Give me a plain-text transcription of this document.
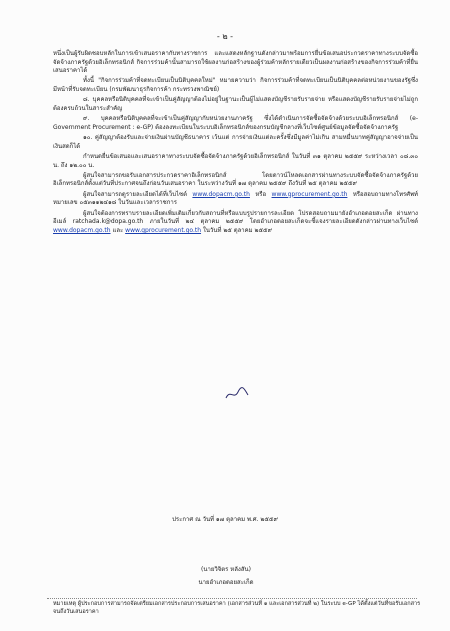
- ๒ -

หนึ่งเป็นผู้รับผิดชอบหลักในการเข้าเสนอราคากับทางราชการ และแสดงหลักฐานดังกล่าวมาพร้อมการยื่นข้อเสนอประกวดราคาทางระบบจัดซื้อจัดจ้างภาครัฐด้วยอิเล็กทรอนิกส์ กิจการร่วมค้านั้นสามารถใช้ผลงานก่อสร้างของผู้ร่วมค้าหลักรายเดียวเป็นผลงานก่อสร้างของกิจการร่วมค้าที่ยื่นเสนอราคาได้

ทั้งนี้ "กิจการร่วมค้าที่จดทะเบียนเป็นนิติบุคคลใหม่" หมายความว่า กิจการร่วมค้าที่จดทะเบียนเป็นนิติบุคคลต่อหน่วยงานของรัฐซึ่งมีหน้าที่รับจดทะเบียน (กรมพัฒนาธุรกิจการค้า กระทรวงพาณิชย์)

๘. บุคคลหรือนิติบุคคลที่จะเข้าเป็นคู่สัญญาต้องไม่อยู่ในฐานะเป็นผู้ไม่แสดงบัญชีรายรับรายจ่าย หรือแสดงบัญชีรายรับรายจ่ายไม่ถูกต้องครบถ้วนในสาระสำคัญ

๙. บุคคลหรือนิติบุคคลที่จะเข้าเป็นคู่สัญญากับหน่วยงานภาครัฐ ซึ่งได้ดำเนินการจัดซื้อจัดจ้างด้วยระบบอิเล็กทรอนิกส์ (e-Government Procurement : e-GP) ต้องลงทะเบียนในระบบอิเล็กทรอนิกส์ของกรมบัญชีกลางที่เว็บไซต์ศูนย์ข้อมูลจัดซื้อจัดจ้างภาครัฐ

๑๐. คู่สัญญาต้องรับและจ่ายเงินผ่านบัญชีธนาคาร เว้นแต่ การจ่ายเงินแต่ละครั้งซึ่งมีมูลค่าไม่เกิน สามหมื่นบาทคู่สัญญาอาจจ่ายเป็นเงินสดก็ได้

กำหนดยื่นข้อเสนอและเสนอราคาทางระบบจัดซื้อจัดจ้างภาครัฐด้วยอิเล็กทรอนิกส์ ในวันที่ ๓๑ ตุลาคม ๒๕๕๙ ระหว่างเวลา ๐๘.๓๐ น. ถึง ๑๒.๐๐ น.

ผู้สนใจสามารถขอรับเอกสารประกวดราคาอิเล็กทรอนิกส์ โดยดาวน์โหลดเอกสารผ่านทางระบบจัดซื้อจัดจ้างภาครัฐด้วยอิเล็กทรอนิกส์ตั้งแต่วันที่ประกาศจนถึงก่อนวันเสนอราคา ในระหว่างวันที่ ๑๗ ตุลาคม ๒๕๕๙ ถึงวันที่ ๒๕ ตุลาคม ๒๕๕๙

ผู้สนใจสามารถดูรายละเอียดได้ที่เว็บไซต์ www.dopacm.go.th หรือ www.gprocurement.go.th หรือสอบถามทางโทรศัพท์หมายเลข ๐๕๓๑๑๒๔๑๘ ในวันและเวลาราชการ

ผู้สนใจต้องการทราบรายละเอียดเพิ่มเติมเกี่ยวกับสถานที่หรือแบบรูปรายการละเอียด โปรดสอบถามมายังอำเภอดอยสะเก็ด ผ่านทางอีเมล์ ratchada.k@dopa.go.th ภายในวันที่ ๒๔ ตุลาคม ๒๕๕๙ โดยอำเภอดอยสะเก็ดจะชี้แจงรายละเอียดดังกล่าวผ่านทางเว็บไซต์ www.dopacm.go.th และ www.gprocurement.go.th ในวันที่ ๒๕ ตุลาคม ๒๕๕๙

ประกาศ ณ วันที่ ๑๗ ตุลาคม พ.ศ. ๒๕๕๙
(นายวิจิตร หลังสัน)
นายอำเภอดอยสะเก็ด
หมายเหตุ ผู้ประกอบการสามารถจัดเตรียมเอกสารประกอบการเสนอราคา (เอกสารส่วนที่ ๑ และเอกสารส่วนที่ ๒) ในระบบ e-GP ได้ตั้งแต่วันที่ขอรับเอกสารจนถึงวันเสนอราคา
